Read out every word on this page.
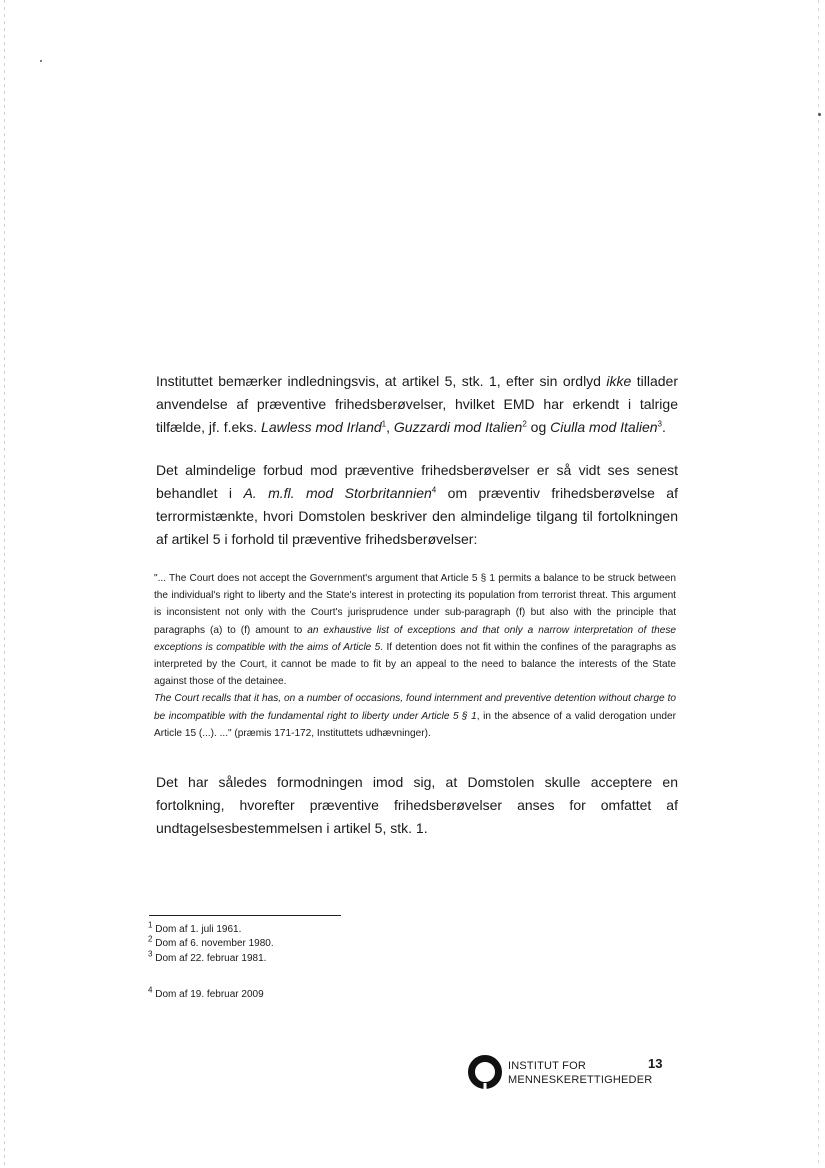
Instituttet bemærker indledningsvis, at artikel 5, stk. 1, efter sin ordlyd ikke tillader anvendelse af præventive frihedsberøvelser, hvilket EMD har erkendt i talrige tilfælde, jf. f.eks. Lawless mod Irland$^1$, Guzzardi mod Italien$^2$ og Ciulla mod Italien$^3$.

Det almindelige forbud mod præventive frihedsberøvelser er så vidt ses senest behandlet i A. m.fl. mod Storbritannien$^4$ om præventiv frihedsberøvelse af terrormistænkte, hvori Domstolen beskriver den almindelige tilgang til fortolkningen af artikel 5 i forhold til præventive frihedsberøvelser:

"... The Court does not accept the Government's argument that Article 5 § 1 permits a balance to be struck between the individual's right to liberty and the State's interest in protecting its population from terrorist threat. This argument is inconsistent not only with the Court's jurisprudence under sub-paragraph (f) but also with the principle that paragraphs (a) to (f) amount to an exhaustive list of exceptions and that only a narrow interpretation of these exceptions is compatible with the aims of Article 5. If detention does not fit within the confines of the paragraphs as interpreted by the Court, it cannot be made to fit by an appeal to the need to balance the interests of the State against those of the detainee.
The Court recalls that it has, on a number of occasions, found internment and preventive detention without charge to be incompatible with the fundamental right to liberty under Article 5 § 1, in the absence of a valid derogation under Article 15 (...). ..." (præmis 171-172, Instituttets udhævninger).

Det har således formodningen imod sig, at Domstolen skulle acceptere en fortolkning, hvorefter præventive frihedsberøvelser anses for omfattet af undtagelsesbestemmelsen i artikel 5, stk. 1.

$^1$ Dom af 1. juli 1961.
$^2$ Dom af 6. november 1980.
$^3$ Dom af 22. februar 1981.
$^4$ Dom af 19. februar 2009
INSTITUT FOR
MENNESKERETTIGHEDER
13
